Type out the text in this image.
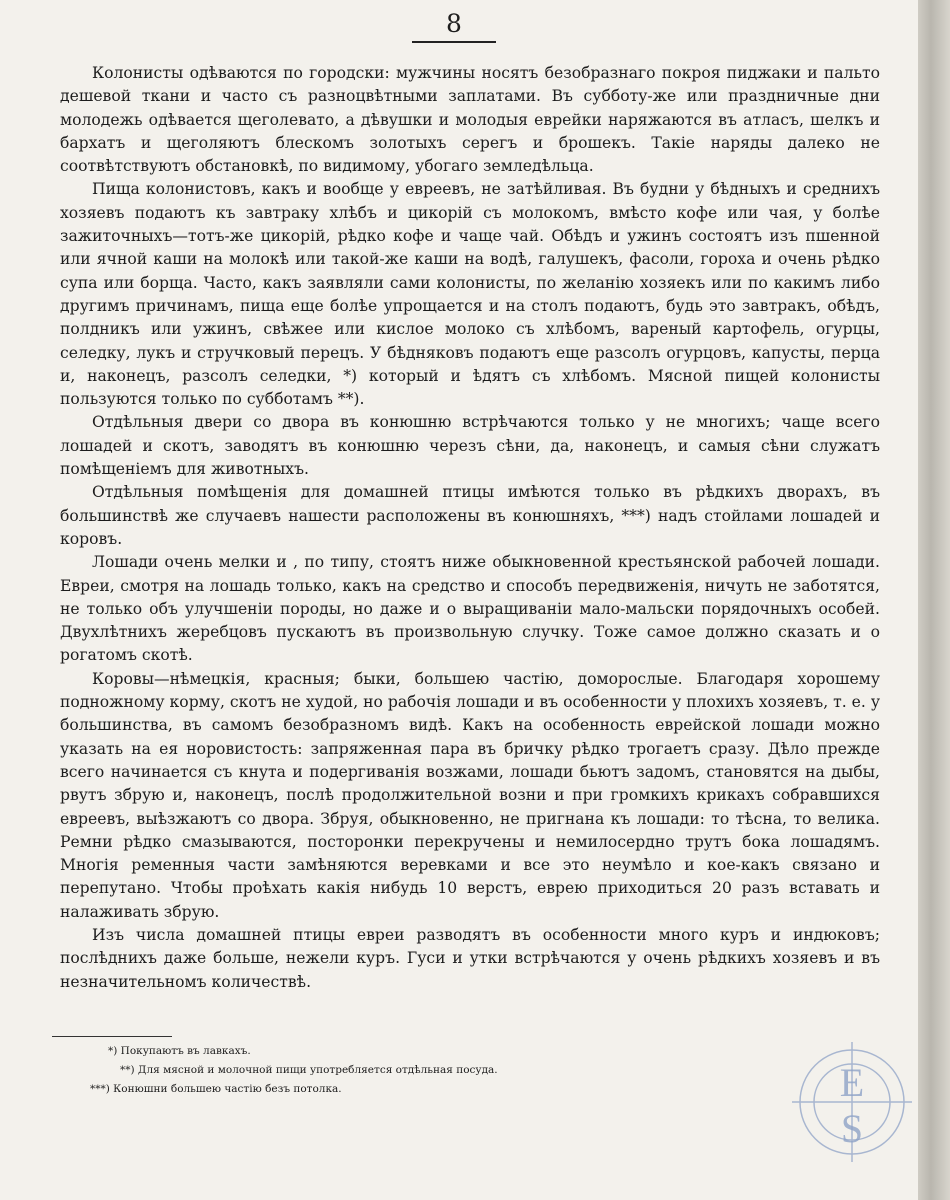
8

Колонисты одѣваются по городски: мужчины носятъ безобразнаго покроя пиджаки и пальто дешевой ткани и часто съ разноцвѣтными заплатами. Въ субботу-же или праздничные дни молодежь одѣвается щеголевато, а дѣвушки и молодыя еврейки наряжаются въ атласъ, шелкъ и бархатъ и щеголяютъ блескомъ золотыхъ серегъ и брошекъ. Такіе наряды далеко не соотвѣтствуютъ обстановкѣ, по видимому, убогаго земледѣльца.

Пища колонистовъ, какъ и вообще у евреевъ, не затѣйливая. Въ будни у бѣдныхъ и среднихъ хозяевъ подаютъ къ завтраку хлѣбъ и цикорій съ молокомъ, вмѣсто кофе или чая, у болѣе зажиточныхъ—тотъ-же цикорій, рѣдко кофе и чаще чай. Обѣдъ и ужинъ состоятъ изъ пшенной или ячной каши на молокѣ или такой-же каши на водѣ, галушекъ, фасоли, гороха и очень рѣдко супа или борща. Часто, какъ заявляли сами колонисты, по желанію хозяекъ или по какимъ либо другимъ причинамъ, пища еще болѣе упрощается и на столъ подаютъ, будь это завтракъ, обѣдъ, полдникъ или ужинъ, свѣжее или кислое молоко съ хлѣбомъ, вареный картофель, огурцы, селедку, лукъ и стручковый перецъ. У бѣдняковъ подаютъ еще разсолъ огурцовъ, капусты, перца и, наконецъ, разсолъ селедки, *) который и ѣдятъ съ хлѣбомъ. Мясной пищей колонисты пользуются только по субботамъ **).

Отдѣльныя двери со двора въ конюшню встрѣчаются только у не многихъ; чаще всего лошадей и скотъ, заводятъ въ конюшню черезъ сѣни, да, наконецъ, и самыя сѣни служатъ помѣщеніемъ для животныхъ.

Отдѣльныя помѣщенія для домашней птицы имѣются только въ рѣдкихъ дворахъ, въ большинствѣ же случаевъ нашести расположены въ конюшняхъ, ***) надъ стойлами лошадей и коровъ.

Лошади очень мелки и , по типу, стоятъ ниже обыкновенной крестьянской рабочей лошади. Евреи, смотря на лошадь только, какъ на средство и способъ передвиженія, ничуть не заботятся, не только объ улучшеніи породы, но даже и о выращиваніи мало-мальски порядочныхъ особей. Двухлѣтнихъ жеребцовъ пускаютъ въ произвольную случку. Тоже самое должно сказать и о рогатомъ скотѣ.

Коровы—нѣмецкія, красныя; быки, большею частію, доморослые. Благодаря хорошему подножному корму, скотъ не худой, но рабочія лошади и въ особенности у плохихъ хозяевъ, т. е. у большинства, въ самомъ безобразномъ видѣ. Какъ на особенность еврейской лошади можно указать на ея норовистость: запряженная пара въ бричку рѣдко трогаетъ сразу. Дѣло прежде всего начинается съ кнута и подергиванія возжами, лошади бьютъ задомъ, становятся на дыбы, рвутъ збрую и, наконецъ, послѣ продолжительной возни и при громкихъ крикахъ собравшихся евреевъ, выѣзжаютъ со двора. Збруя, обыкновенно, не пригнана къ лошади: то тѣсна, то велика. Ремни рѣдко смазываются, посторонки перекручены и немилосердно трутъ бока лошадямъ. Многія ременныя части замѣняются веревками и все это неумѣло и кое-какъ связано и перепутано. Чтобы проѣхать какія нибудь 10 верстъ, еврею приходиться 20 разъ вставать и налаживать збрую.

Изъ числа домашней птицы евреи разводятъ въ особенности много куръ и индюковъ; послѣднихъ даже больше, нежели куръ. Гуси и утки встрѣчаются у очень рѣдкихъ хозяевъ и въ незначительномъ количествѣ.

*) Покупаютъ въ лавкахъ.
**) Для мясной и молочной пищи употребляется отдѣльная посуда.
***) Конюшни большею частію безъ потолка.	E
S
